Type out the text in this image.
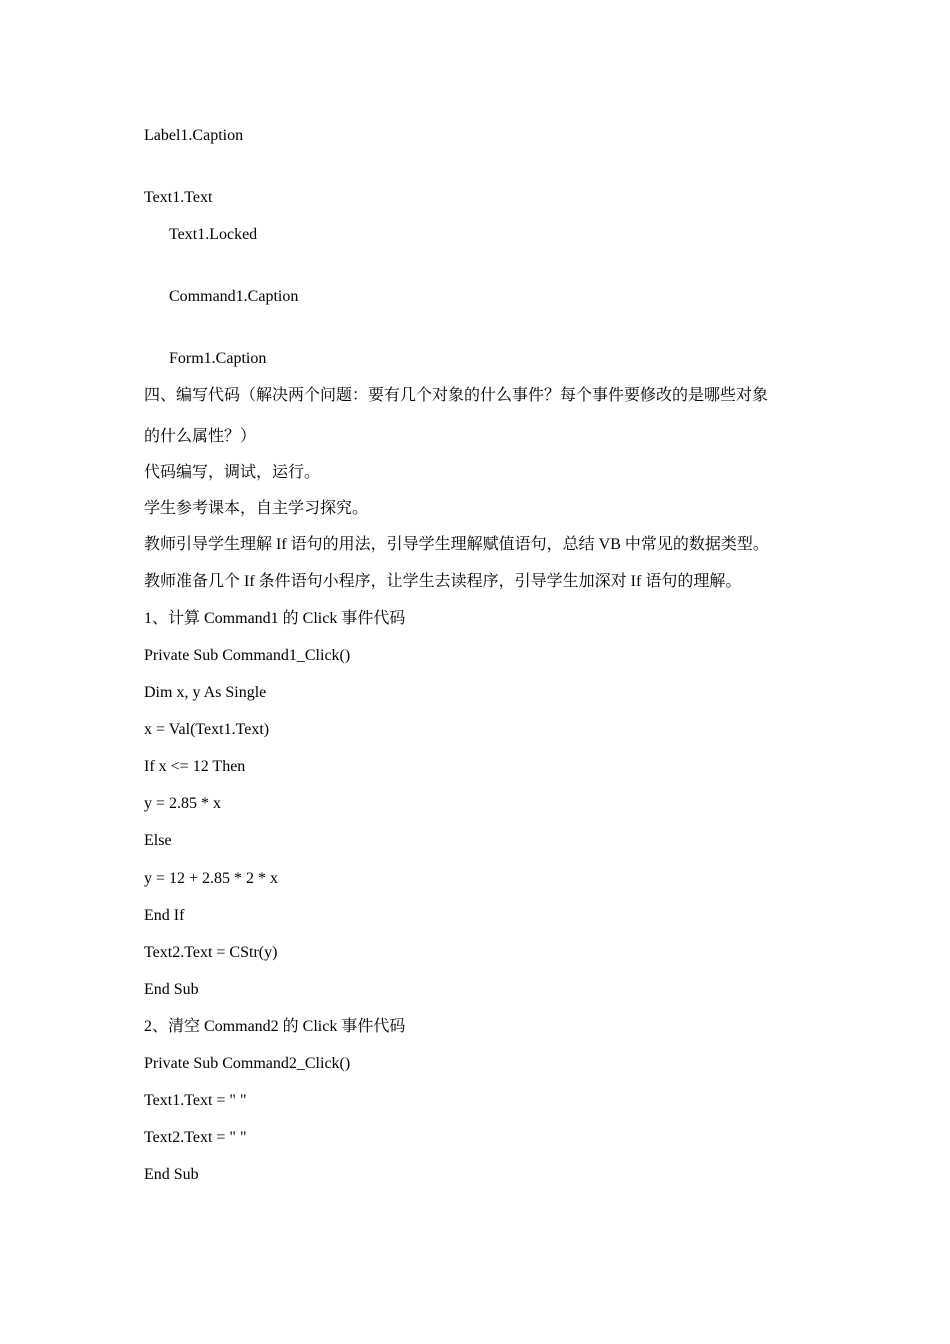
Label1.Caption
Text1.Text
Text1.Locked
Command1.Caption
Form1.Caption
四、编写代码（解决两个问题：要有几个对象的什么事件？每个事件要修改的是哪些对象
的什么属性？）
代码编写，调试，运行。
学生参考课本，自主学习探究。
教师引导学生理解 If 语句的用法，引导学生理解赋值语句，总结 VB 中常见的数据类型。
教师准备几个 If 条件语句小程序，让学生去读程序，引导学生加深对 If 语句的理解。
1、计算 Command1 的 Click 事件代码
Private Sub Command1_Click()
Dim x, y As Single
x = Val(Text1.Text)
If x <= 12 Then
y = 2.85 * x
Else
y = 12 + 2.85 * 2 * x
End If
Text2.Text = CStr(y)
End Sub
2、清空 Command2 的 Click 事件代码
Private Sub Command2_Click()
Text1.Text = " "
Text2.Text = " "
End Sub
